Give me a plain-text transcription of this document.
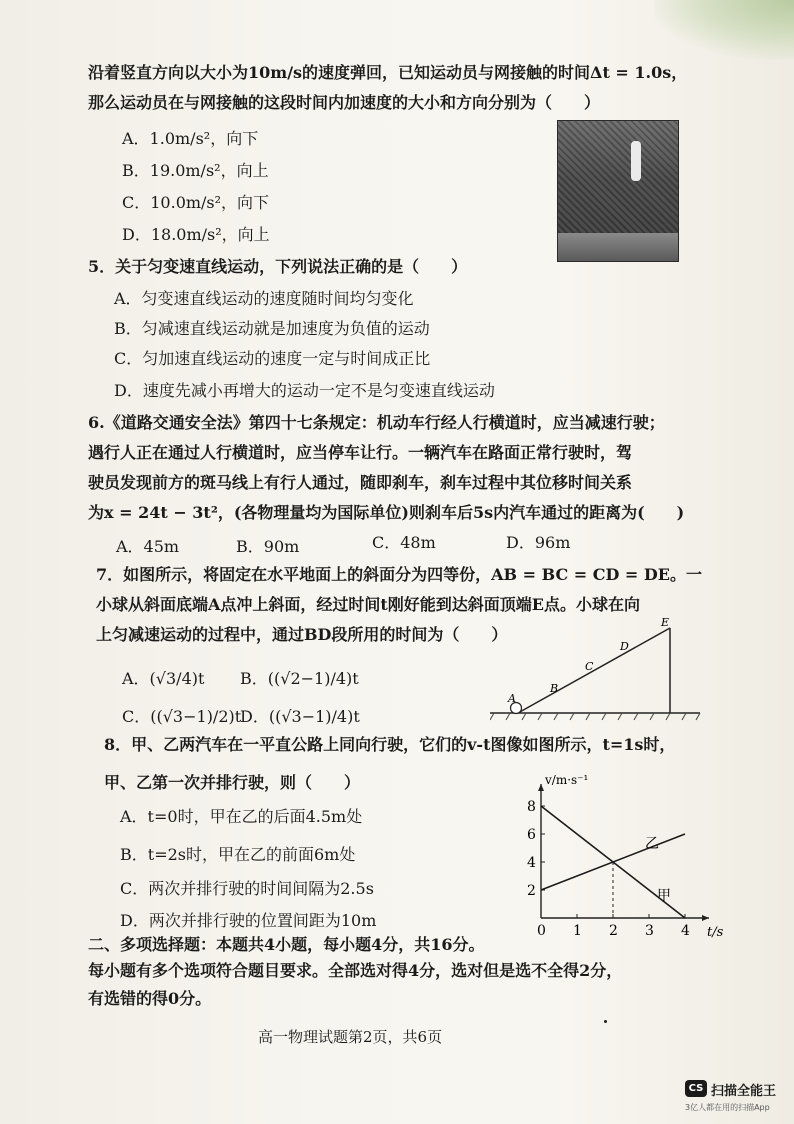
沿着竖直方向以大小为10m/s的速度弹回，已知运动员与网接触的时间Δt = 1.0s，
那么运动员在与网接触的这段时间内加速度的大小和方向分别为（　　）
A．1.0m/s²，向下
B．19.0m/s²，向上
C．10.0m/s²，向下
D．18.0m/s²，向上
5．关于匀变速直线运动，下列说法正确的是（　　）
A．匀变速直线运动的速度随时间均匀变化
B．匀减速直线运动就是加速度为负值的运动
C．匀加速直线运动的速度一定与时间成正比
D．速度先减小再增大的运动一定不是匀变速直线运动
6.《道路交通安全法》第四十七条规定：机动车行经人行横道时，应当减速行驶；
遇行人正在通过人行横道时，应当停车让行。一辆汽车在路面正常行驶时，驾
驶员发现前方的斑马线上有行人通过，随即刹车，刹车过程中其位移时间关系
为x = 24t − 3t²，(各物理量均为国际单位)则刹车后5s内汽车通过的距离为(　　)
A．45m	B．90m	C．48m	D．96m
7．如图所示，将固定在水平地面上的斜面分为四等份，AB = BC = CD = DE。一
小球从斜面底端A点冲上斜面，经过时间t刚好能到达斜面顶端E点。小球在向
上匀减速运动的过程中，通过BD段所用的时间为（　　）
A．(√3/4)t B．((√2−1)/4)t
C．((√3−1)/2)t
D．((√3−1)/4)t
A
B
C
D
E
8．甲、乙两汽车在一平直公路上同向行驶，它们的v-t图像如图所示，t=1s时，
甲、乙第一次并排行驶，则（　　）
A．t=0时，甲在乙的后面4.5m处
B．t=2s时，甲在乙的前面6m处
C．两次并排行驶的时间间隔为2.5s
D．两次并排行驶的位置间距为10m
0 1 2 3 4
2
4
6
8
甲
乙
v/m·s⁻¹
t/s
二、多项选择题：本题共4小题，每小题4分，共16分。
每小题有多个选项符合题目要求。全部选对得4分，选对但是选不全得2分，
有选错的得0分。
高一物理试题第2页，共6页
CS 扫描全能王
3亿人都在用的扫描App
